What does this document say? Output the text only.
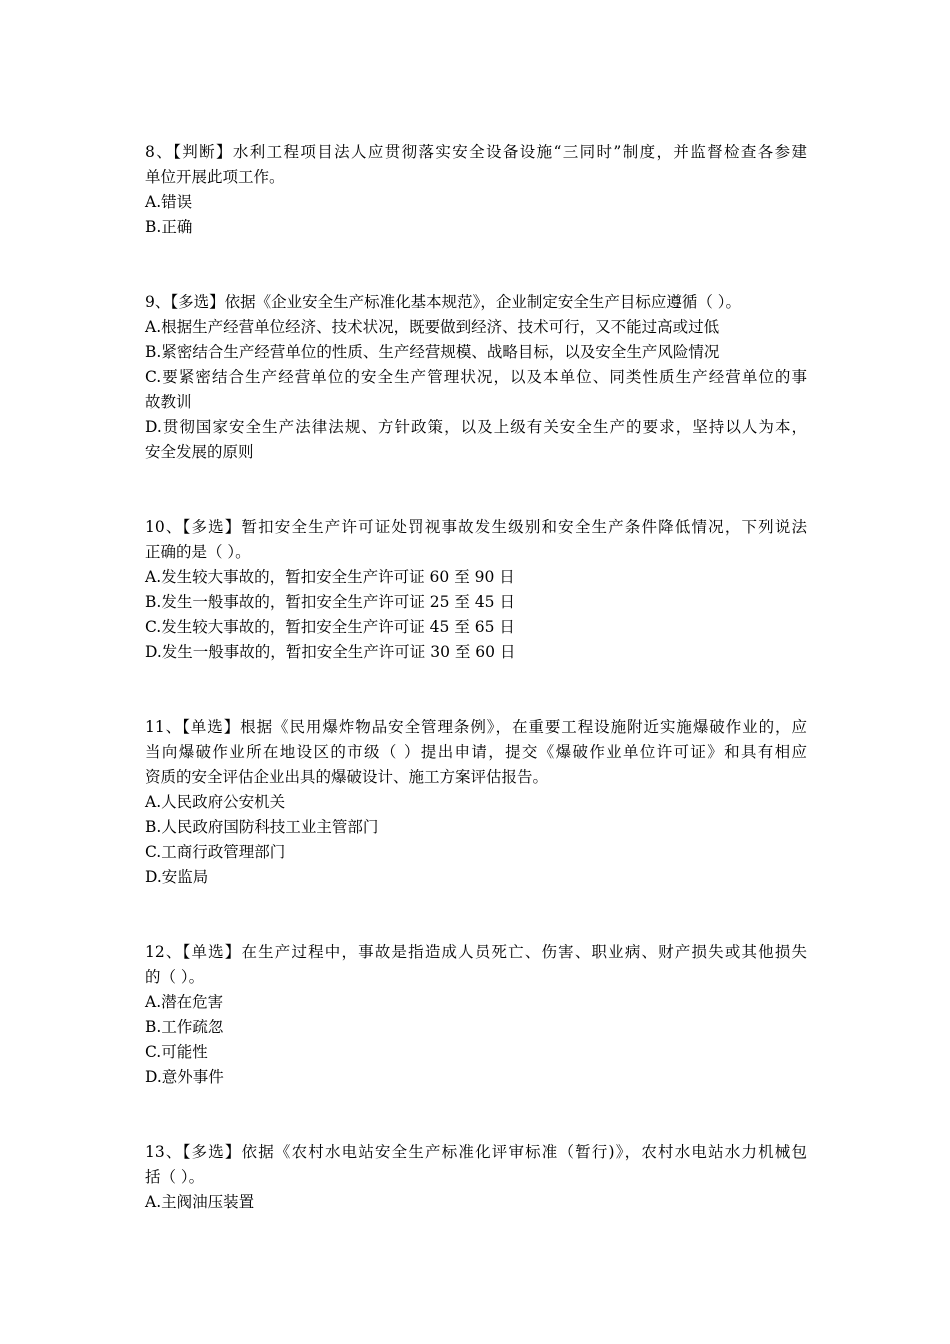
8、【判断】水利工程项目法人应贯彻落实安全设备设施“三同时”制度，并监督检查各参建
单位开展此项工作。
A.错误
B.正确
9、【多选】依据《企业安全生产标准化基本规范》，企业制定安全生产目标应遵循（ ）。
A.根据生产经营单位经济、技术状况，既要做到经济、技术可行，又不能过高或过低
B.紧密结合生产经营单位的性质、生产经营规模、战略目标，以及安全生产风险情况
C.要紧密结合生产经营单位的安全生产管理状况，以及本单位、同类性质生产经营单位的事
故教训
D.贯彻国家安全生产法律法规、方针政策，以及上级有关安全生产的要求，坚持以人为本，
安全发展的原则
10、【多选】暂扣安全生产许可证处罚视事故发生级别和安全生产条件降低情况，下列说法
正确的是（ ）。
A.发生较大事故的，暂扣安全生产许可证 60 至 90 日
B.发生一般事故的，暂扣安全生产许可证 25 至 45 日
C.发生较大事故的，暂扣安全生产许可证 45 至 65 日
D.发生一般事故的，暂扣安全生产许可证 30 至 60 日
11、【单选】根据《民用爆炸物品安全管理条例》，在重要工程设施附近实施爆破作业的，应
当向爆破作业所在地设区的市级（ ）提出申请，提交《爆破作业单位许可证》和具有相应
资质的安全评估企业出具的爆破设计、施工方案评估报告。
A.人民政府公安机关
B.人民政府国防科技工业主管部门
C.工商行政管理部门
D.安监局
12、【单选】在生产过程中，事故是指造成人员死亡、伤害、职业病、财产损失或其他损失
的（ ）。
A.潜在危害
B.工作疏忽
C.可能性
D.意外事件
13、【多选】依据《农村水电站安全生产标准化评审标准（暂行)》，农村水电站水力机械包
括（ ）。
A.主阀油压装置
